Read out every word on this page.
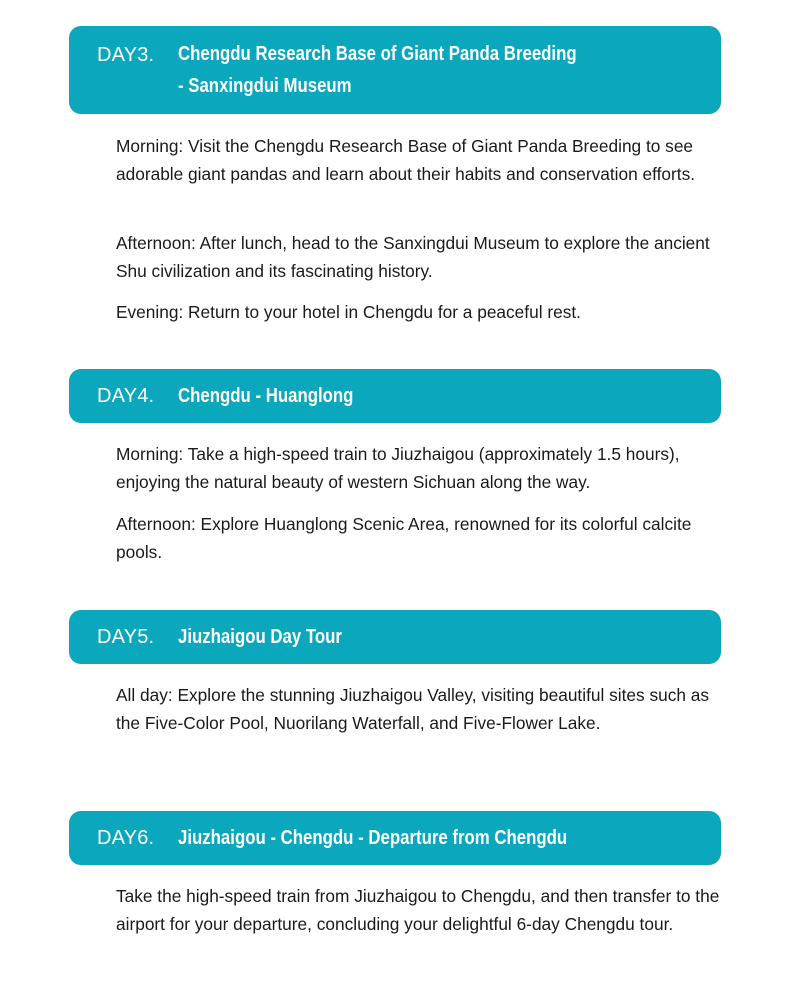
DAY3. Chengdu Research Base of Giant Panda Breeding
- Sanxingdui Museum

Morning: Visit the Chengdu Research Base of Giant Panda Breeding to see adorable giant pandas and learn about their habits and conservation efforts.

Afternoon: After lunch, head to the Sanxingdui Museum to explore the ancient Shu civilization and its fascinating history.

Evening: Return to your hotel in Chengdu for a peaceful rest.

DAY4. Chengdu - Huanglong

Morning: Take a high-speed train to Jiuzhaigou (approximately 1.5 hours), enjoying the natural beauty of western Sichuan along the way.

Afternoon: Explore Huanglong Scenic Area, renowned for its colorful calcite pools.

DAY5. Jiuzhaigou Day Tour

All day: Explore the stunning Jiuzhaigou Valley, visiting beautiful sites such as the Five-Color Pool, Nuorilang Waterfall, and Five-Flower Lake.

DAY6. Jiuzhaigou - Chengdu - Departure from Chengdu

Take the high-speed train from Jiuzhaigou to Chengdu, and then transfer to the airport for your departure, concluding your delightful 6-day Chengdu tour.
